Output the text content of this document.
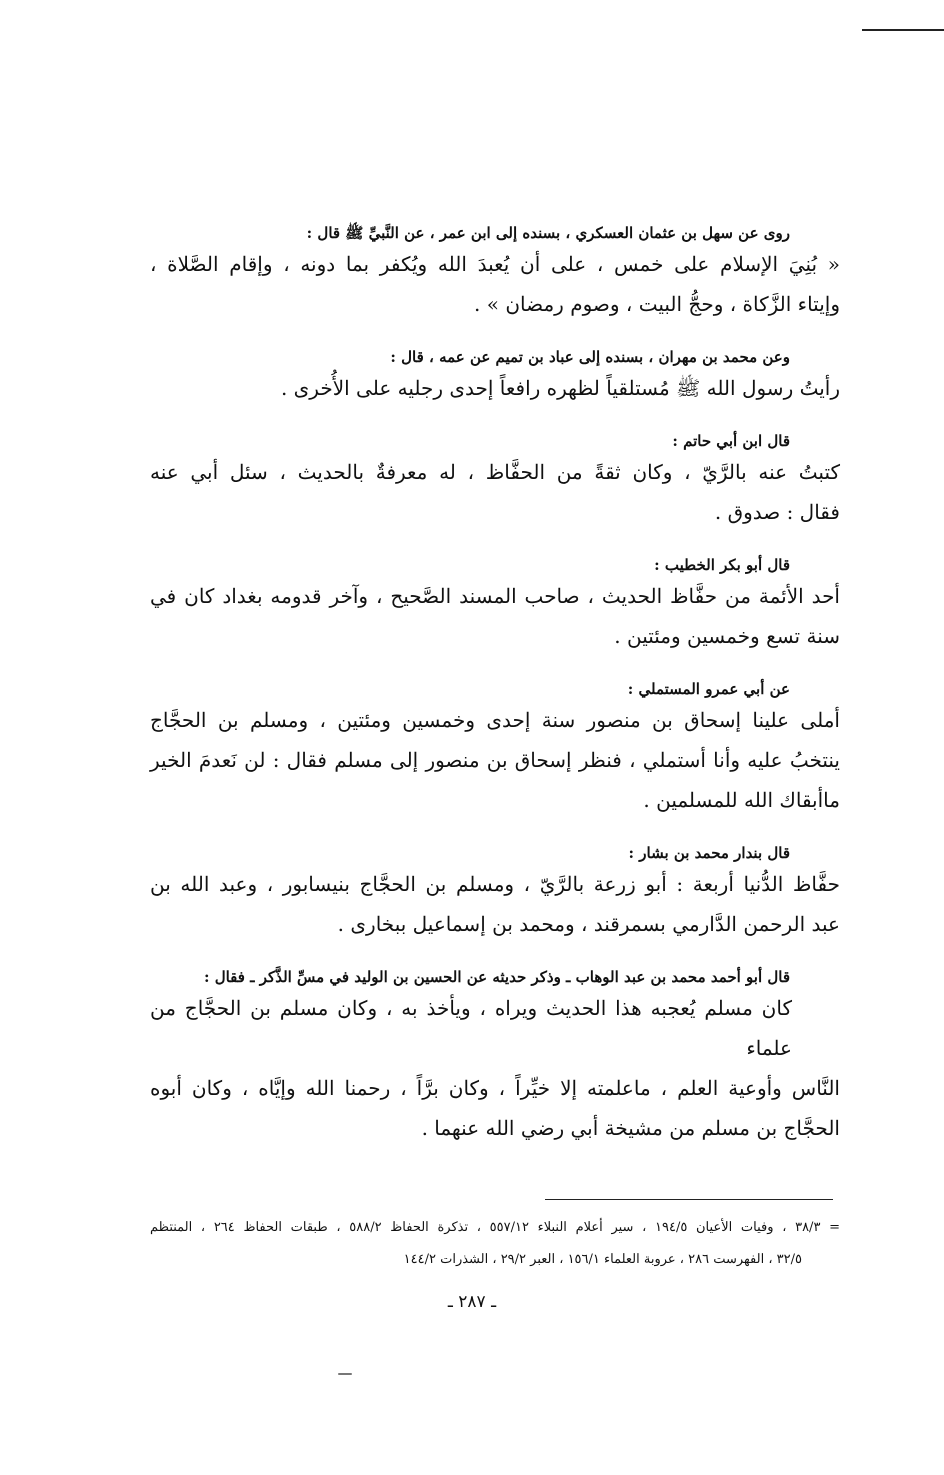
روى عن سهل بن عثمان العسكري ، بسنده إلى ابن عمر ، عن النَّبيِّ ﷺ قال :

« بُنِيَ الإسلام على خمس ، على أن يُعبدَ الله ويُكفر بما دونه ، وإقام الصَّلاة ،

وإيتاء الزَّكاة ، وحجُّ البيت ، وصوم رمضان » .

وعن محمد بن مهران ، بسنده إلى عباد بن تميم عن عمه ، قال :

رأيتُ رسول الله ﷺ مُستلقياً لظهره رافعاً إحدى رجليه على الأُخرى .

قال ابن أبي حاتم :

كتبتُ عنه بالرَّيّ ، وكان ثقةً من الحفَّاظ ، له معرفةٌ بالحديث ، سئل أبي عنه

فقال : صدوق .

قال أبو بكر الخطيب :

أحد الأئمة من حفَّاظ الحديث ، صاحب المسند الصَّحيح ، وآخر قدومه بغداد كان في

سنة تسع وخمسين ومئتين .

عن أبي عمرو المستملي :

أملى علينا إسحاق بن منصور سنة إحدى وخمسين ومئتين ، ومسلم بن الحجَّاج

ينتخبُ عليه وأنا أستملي ، فنظر إسحاق بن منصور إلى مسلم فقال : لن نَعدمَ الخير

ماأبقاك الله للمسلمين .

قال بندار محمد بن بشار :

حفَّاظ الدُّنيا أربعة : أبو زرعة بالرَّيّ ، ومسلم بن الحجَّاج بنيسابور ، وعبد الله بن

عبد الرحمن الدَّارمي بسمرقند ، ومحمد بن إسماعيل ببخارى .

قال أبو أحمد محمد بن عبد الوهاب ـ وذكر حديثه عن الحسين بن الوليد في مسِّ الذَّكر ـ فقال :

كان مسلم يُعجبه هذا الحديث ويراه ، ويأخذ به ، وكان مسلم بن الحجَّاج من علماء

النَّاس وأوعية العلم ، ماعلمته إلا خيِّراً ، وكان برَّاً ، رحمنا الله وإيَّاه ، وكان أبوه

الحجَّاج بن مسلم من مشيخة أبي رضي الله عنهما .

= ٣٨/٣ ، وفيات الأعيان ١٩٤/٥ ، سير أعلام النبلاء ٥٥٧/١٢ ، تذكرة الحفاظ ٥٨٨/٢ ، طبقات الحفاظ ٢٦٤ ، المنتظم

٣٢/٥ ، الفهرست ٢٨٦ ، عروبة العلماء ١٥٦/١ ، العبر ٢٩/٢ ، الشذرات ١٤٤/٢

ـ ٢٨٧ ـ
